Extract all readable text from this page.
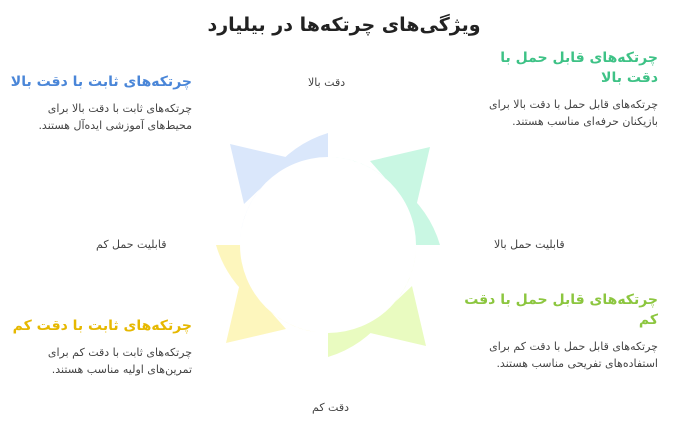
ویژگی‌های چرتکه‌ها در بیلیارد
دقت بالا
دقت کم
قابلیت حمل کم	قابلیت حمل بالا
چرتکه‌های قابل حمل با دقت بالا
چرتکه‌های قابل حمل با دقت بالا برای بازیکنان حرفه‌ای مناسب هستند.
چرتکه‌های ثابت با دقت بالا
چرتکه‌های ثابت با دقت بالا برای محیط‌های آموزشی ایده‌آل هستند.
چرتکه‌های قابل حمل با دقت کم
چرتکه‌های قابل حمل با دقت کم برای استفاده‌های تفریحی مناسب هستند.
چرتکه‌های ثابت با دقت کم
چرتکه‌های ثابت با دقت کم برای تمرین‌های اولیه مناسب هستند.
